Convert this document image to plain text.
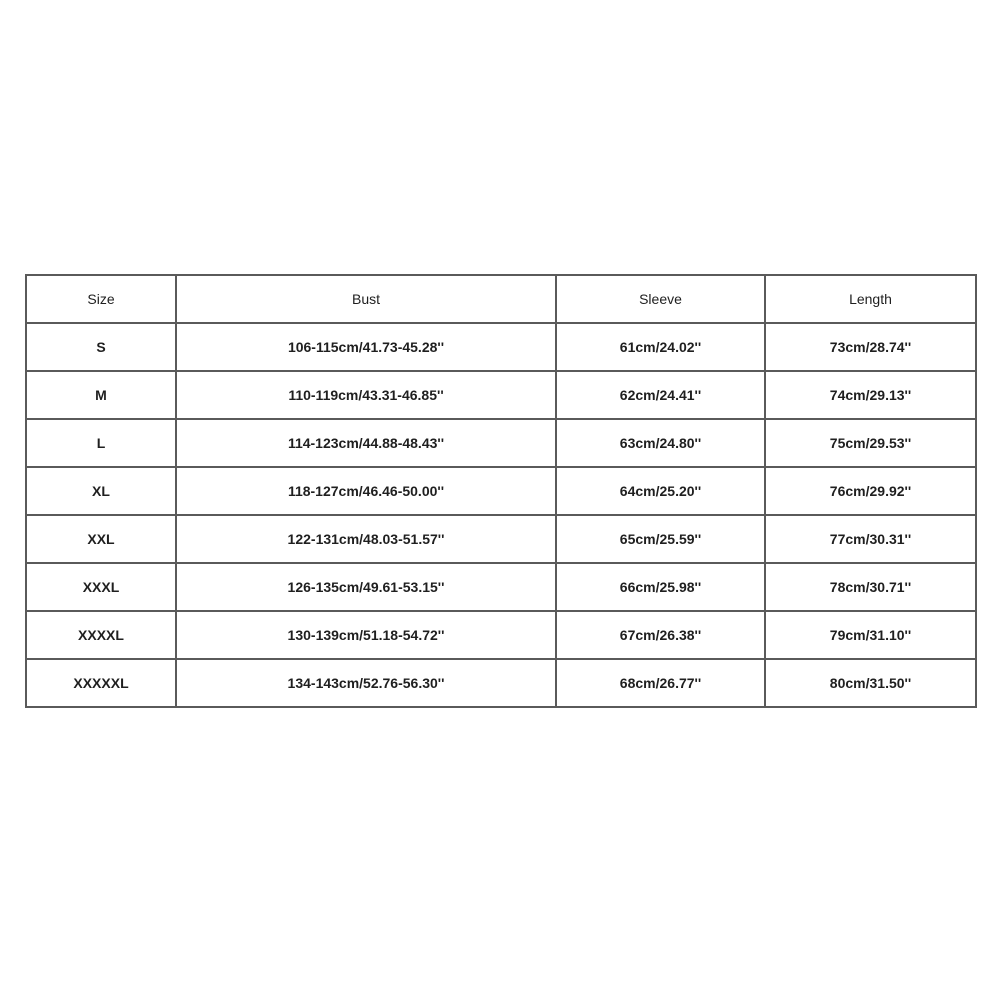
Size	Bust	Sleeve	Length
S	106-115cm/41.73-45.28''	61cm/24.02''	73cm/28.74''
M	110-119cm/43.31-46.85''	62cm/24.41''	74cm/29.13''
L	114-123cm/44.88-48.43''	63cm/24.80''	75cm/29.53''
XL	118-127cm/46.46-50.00''	64cm/25.20''	76cm/29.92''
XXL	122-131cm/48.03-51.57''	65cm/25.59''	77cm/30.31''
XXXL	126-135cm/49.61-53.15''	66cm/25.98''	78cm/30.71''
XXXXL	130-139cm/51.18-54.72''	67cm/26.38''	79cm/31.10''
XXXXXL	134-143cm/52.76-56.30''	68cm/26.77''	80cm/31.50''
